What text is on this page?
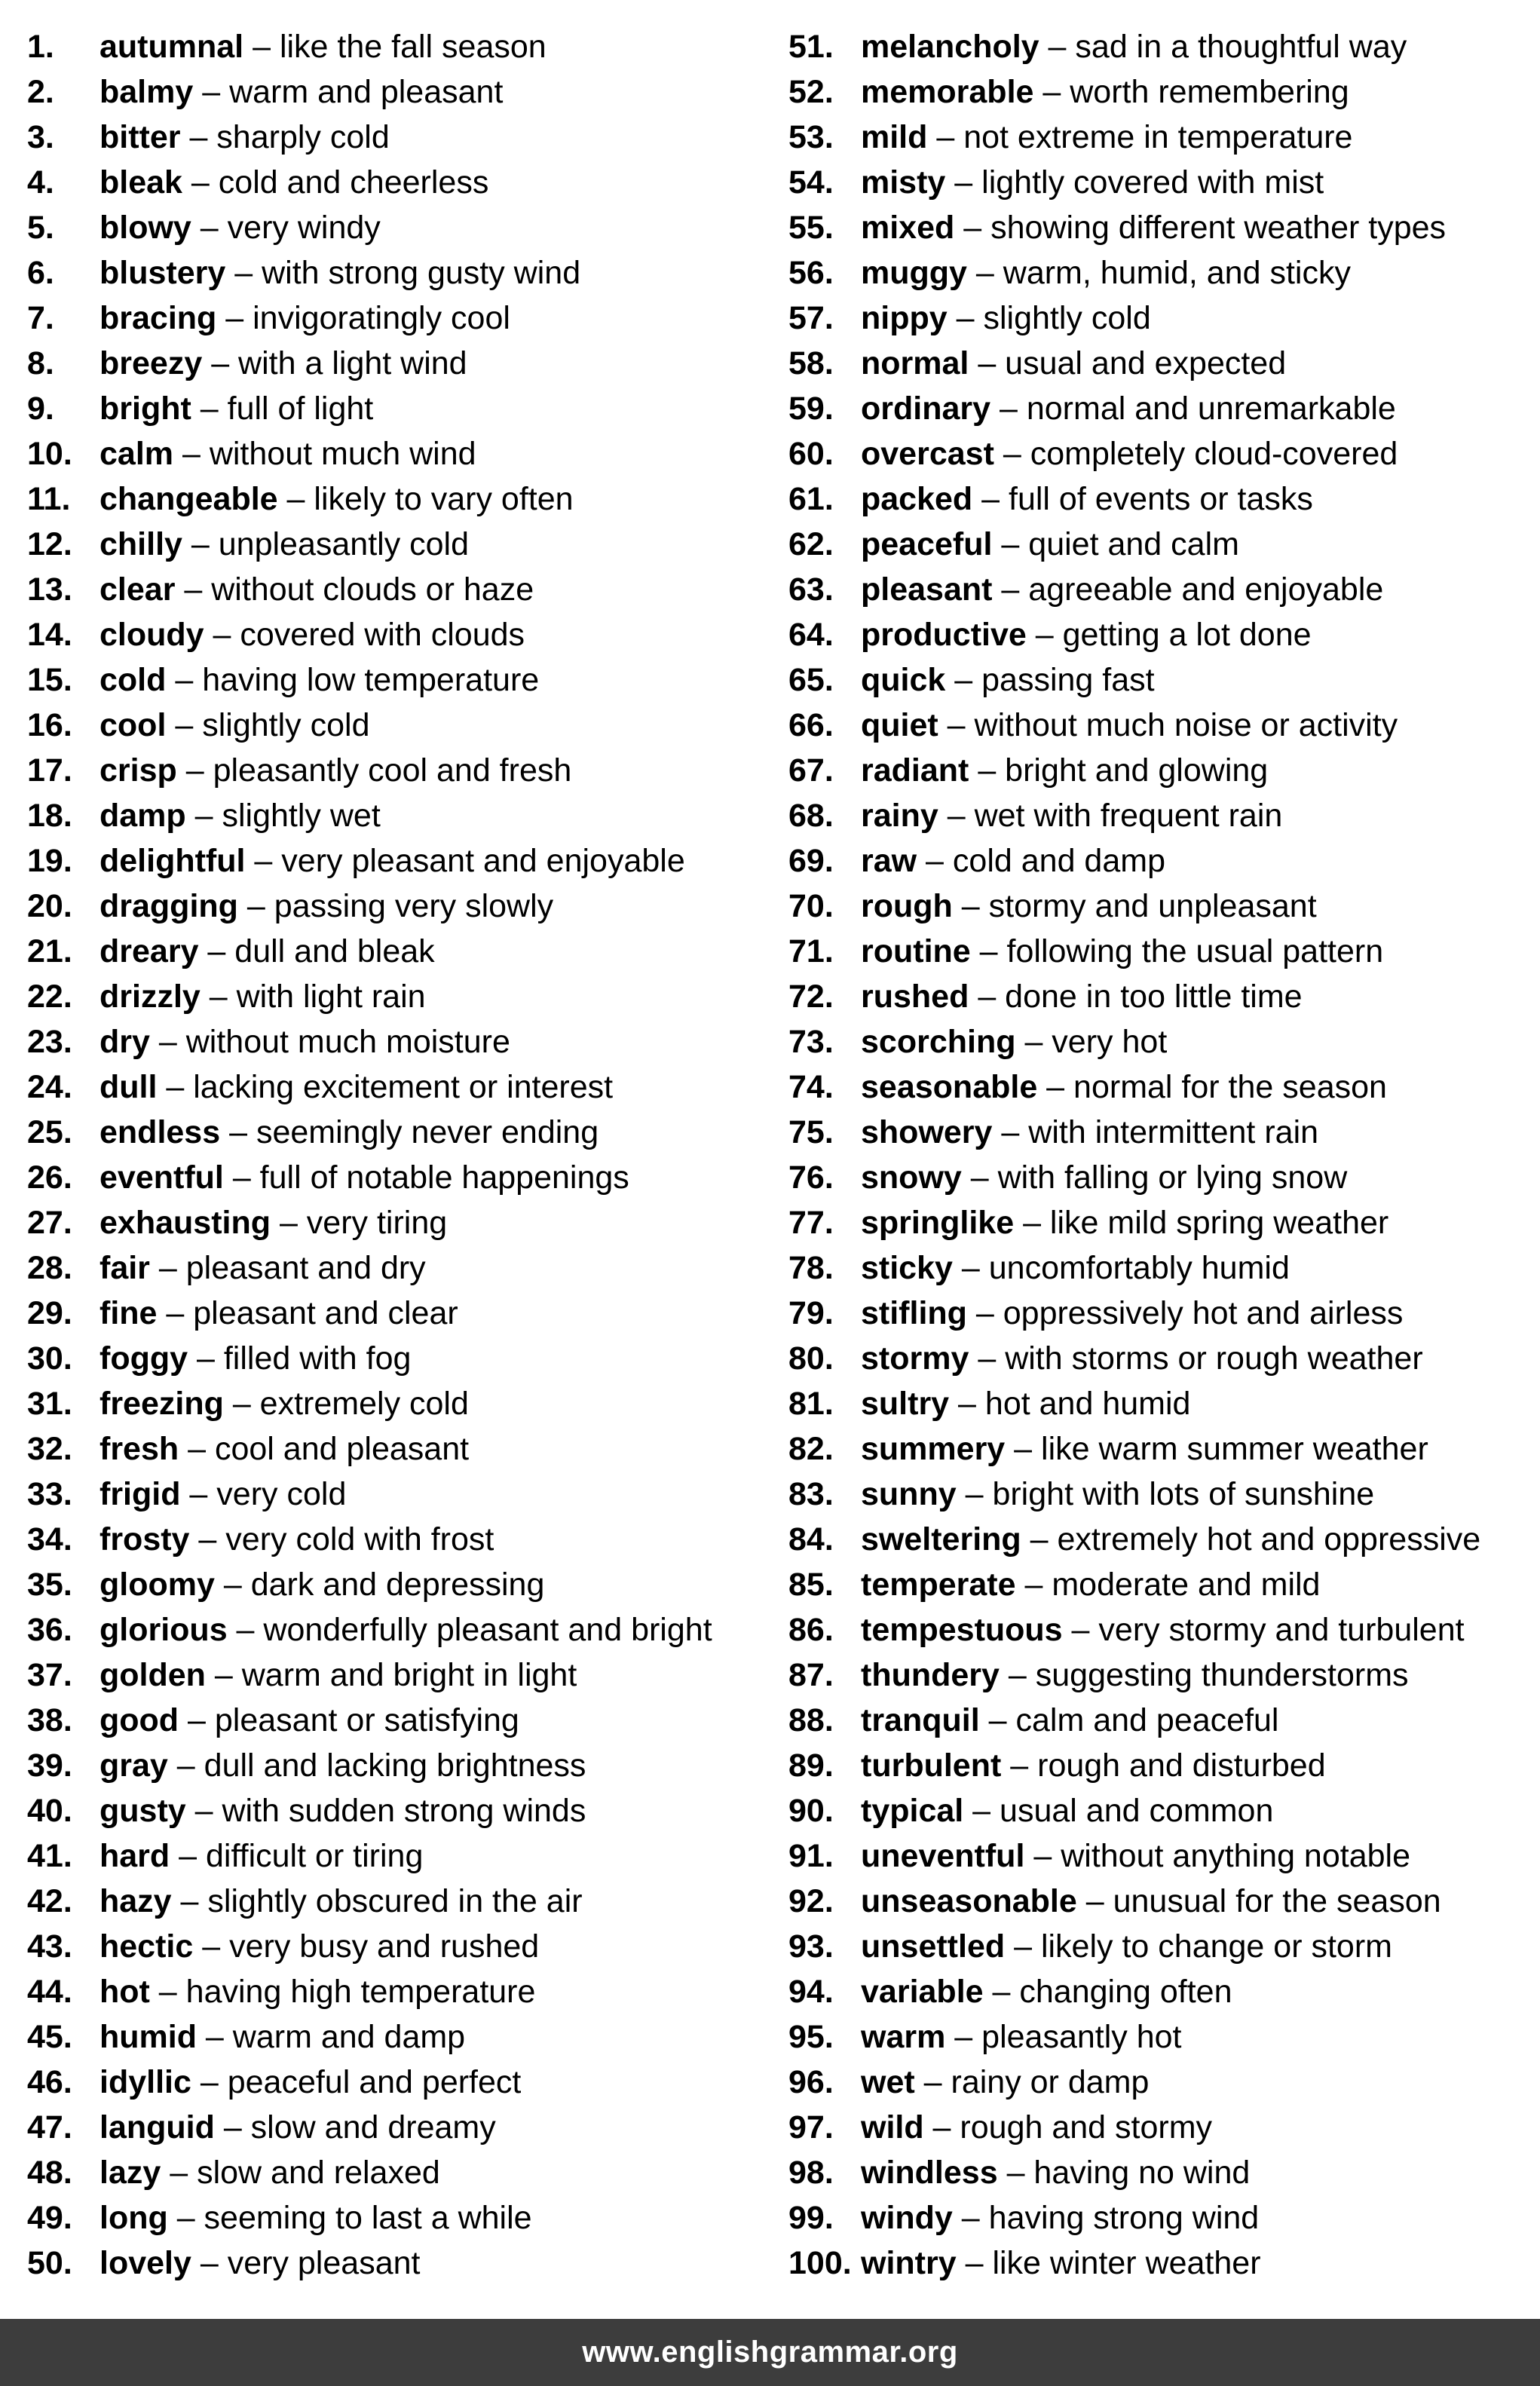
1.	autumnal – like the fall season
2.	balmy – warm and pleasant
3.	bitter – sharply cold
4.	bleak – cold and cheerless
5.	blowy – very windy
6.	blustery – with strong gusty wind
7.	bracing – invigoratingly cool
8.	breezy – with a light wind
9.	bright – full of light
10. calm – without much wind
11. changeable – likely to vary often
12. chilly – unpleasantly cold
13. clear – without clouds or haze
14. cloudy – covered with clouds
15. cold – having low temperature
16. cool – slightly cold
17. crisp – pleasantly cool and fresh
18. damp – slightly wet
19. delightful – very pleasant and enjoyable
20. dragging – passing very slowly
21. dreary – dull and bleak
22. drizzly – with light rain
23. dry – without much moisture
24. dull – lacking excitement or interest
25. endless – seemingly never ending
26. eventful – full of notable happenings
27. exhausting – very tiring
28. fair – pleasant and dry
29. fine – pleasant and clear
30. foggy – filled with fog
31. freezing – extremely cold
32. fresh – cool and pleasant
33. frigid – very cold
34. frosty – very cold with frost
35. gloomy – dark and depressing
36. glorious – wonderfully pleasant and bright
37. golden – warm and bright in light
38. good – pleasant or satisfying
39. gray – dull and lacking brightness
40. gusty – with sudden strong winds
41. hard – difficult or tiring
42. hazy – slightly obscured in the air
43. hectic – very busy and rushed
44. hot – having high temperature
45. humid – warm and damp
46. idyllic – peaceful and perfect
47. languid – slow and dreamy
48. lazy – slow and relaxed
49. long – seeming to last a while
50. lovely – very pleasant
51. melancholy – sad in a thoughtful way
52. memorable – worth remembering
53. mild – not extreme in temperature
54. misty – lightly covered with mist
55. mixed – showing different weather types
56. muggy – warm, humid, and sticky
57. nippy – slightly cold
58. normal – usual and expected
59. ordinary – normal and unremarkable
60. overcast – completely cloud-covered
61. packed – full of events or tasks
62. peaceful – quiet and calm
63. pleasant – agreeable and enjoyable
64. productive – getting a lot done
65. quick – passing fast
66. quiet – without much noise or activity
67. radiant – bright and glowing
68. rainy – wet with frequent rain
69. raw – cold and damp
70. rough – stormy and unpleasant
71. routine – following the usual pattern
72. rushed – done in too little time
73. scorching – very hot
74. seasonable – normal for the season
75. showery – with intermittent rain
76. snowy – with falling or lying snow
77. springlike – like mild spring weather
78. sticky – uncomfortably humid
79. stifling – oppressively hot and airless
80. stormy – with storms or rough weather
81. sultry – hot and humid
82. summery – like warm summer weather
83. sunny – bright with lots of sunshine
84. sweltering – extremely hot and oppressive
85. temperate – moderate and mild
86. tempestuous – very stormy and turbulent
87. thundery – suggesting thunderstorms
88. tranquil – calm and peaceful
89. turbulent – rough and disturbed
90. typical – usual and common
91. uneventful – without anything notable
92. unseasonable – unusual for the season
93. unsettled – likely to change or storm
94. variable – changing often
95. warm – pleasantly hot
96. wet – rainy or damp
97. wild – rough and stormy
98. windless – having no wind
99. windy – having strong wind
100. wintry – like winter weather
www.englishgrammar.org
